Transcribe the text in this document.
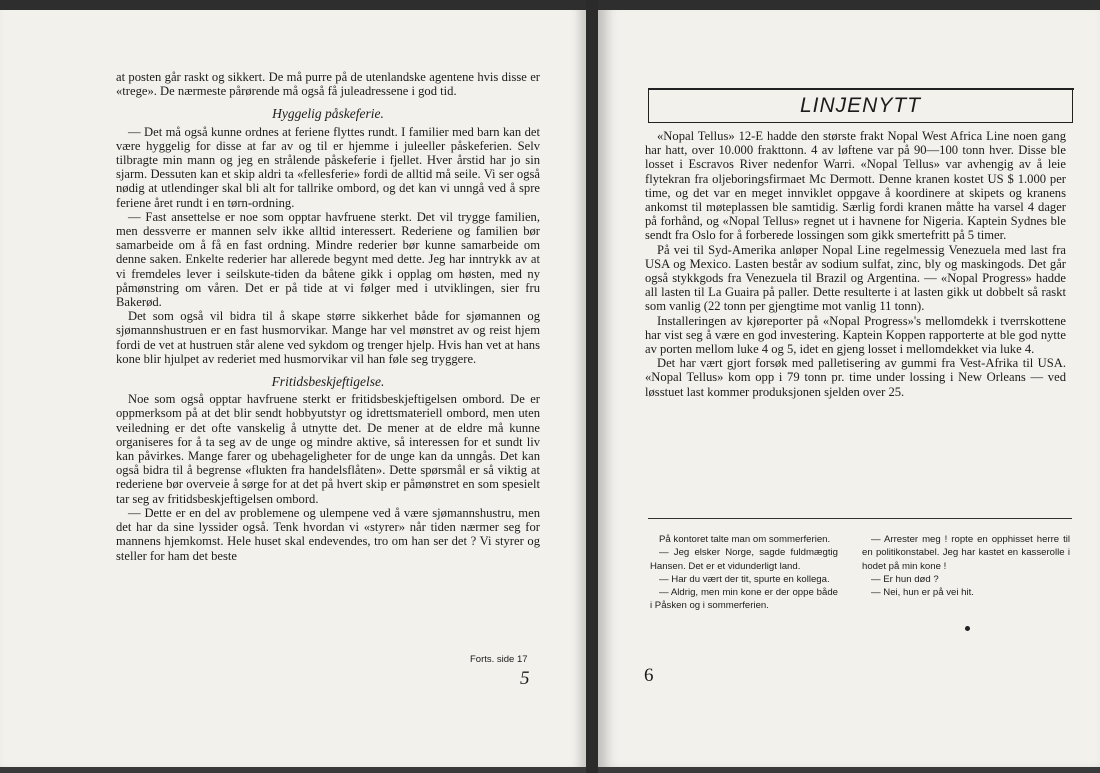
at posten går raskt og sikkert. De må purre på de utenlandske agentene hvis disse er «trege». De nærmeste pårørende må også få juleadressene i god tid.

Hyggelig påskeferie.

— Det må også kunne ordnes at feriene flyttes rundt. I familier med barn kan det være hyggelig for disse at far av og til er hjemme i juleeller påskeferien. Selv tilbragte min mann og jeg en strålende påskeferie i fjellet. Hver årstid har jo sin sjarm. Dessuten kan et skip aldri ta «fellesferie» fordi de alltid må seile. Vi ser også nødig at utlendinger skal bli alt for tallrike ombord, og det kan vi unngå ved å spre feriene året rundt i en tørn-ordning.

— Fast ansettelse er noe som opptar havfruene sterkt. Det vil trygge familien, men dessverre er mannen selv ikke alltid interessert. Rederiene og familien bør samarbeide om å få en fast ordning. Mindre rederier bør kunne samarbeide om denne saken. Enkelte rederier har allerede begynt med dette. Jeg har inntrykk av at vi fremdeles lever i seilskute-tiden da båtene gikk i opplag om høsten, med ny påmønstring om våren. Det er på tide at vi følger med i utviklingen, sier fru Bakerød.

Det som også vil bidra til å skape større sikkerhet både for sjømannen og sjømannshustruen er en fast husmorvikar. Mange har vel mønstret av og reist hjem fordi de vet at hustruen står alene ved sykdom og trenger hjelp. Hvis han vet at hans kone blir hjulpet av rederiet med husmorvikar vil han føle seg tryggere.

Fritidsbeskjeftigelse.

Noe som også opptar havfruene sterkt er fritidsbeskjeftigelsen ombord. De er oppmerksom på at det blir sendt hobbyutstyr og idrettsmateriell ombord, men uten veiledning er det ofte vanskelig å utnytte det. De mener at de eldre må kunne organiseres for å ta seg av de unge og mindre aktive, så interessen for et sundt liv kan påvirkes. Mange farer og ubehageligheter for de unge kan da unngås. Det kan også bidra til å begrense «flukten fra handelsflåten». Dette spørsmål er så viktig at rederiene bør overveie å sørge for at det på hvert skip er påmønstret en som spesielt tar seg av fritidsbeskjeftigelsen ombord.

— Dette er en del av problemene og ulempene ved å være sjømannshustru, men det har da sine lyssider også. Tenk hvordan vi «styrer» når tiden nærmer seg for mannens hjemkomst. Hele huset skal endevendes, tro om han ser det ? Vi styrer og steller for ham det beste

Forts. side 17
5
LINJENYTT

«Nopal Tellus» 12-E hadde den største frakt Nopal West Africa Line noen gang har hatt, over 10.000 frakttonn. 4 av løftene var på 90—100 tonn hver. Disse ble losset i Escravos River nedenfor Warri. «Nopal Tellus» var avhengig av å leie flytekran fra oljeboringsfirmaet Mc Dermott. Denne kranen kostet US $ 1.000 per time, og det var en meget innviklet oppgave å koordinere at skipets og kranens ankomst til møteplassen ble samtidig. Særlig fordi kranen måtte ha varsel 4 dager på forhånd, og «Nopal Tellus» regnet ut i havnene for Nigeria. Kaptein Sydnes ble sendt fra Oslo for å forberede lossingen som gikk smertefritt på 5 timer.

På vei til Syd-Amerika anløper Nopal Line regelmessig Venezuela med last fra USA og Mexico. Lasten består av sodium sulfat, zinc, bly og maskingods. Det går også stykkgods fra Venezuela til Brazil og Argentina. — «Nopal Progress» hadde all lasten til La Guaira på paller. Dette resulterte i at lasten gikk ut dobbelt så raskt som vanlig (22 tonn per gjengtime mot vanlig 11 tonn).

Installeringen av kjøreporter på «Nopal Progress»'s mellomdekk i tverrskottene har vist seg å være en god investering. Kaptein Koppen rapporterte at ble god nytte av porten mellom luke 4 og 5, idet en gjeng losset i mellomdekket via luke 4.

Det har vært gjort forsøk med palletisering av gummi fra Vest-Afrika til USA. «Nopal Tellus» kom opp i 79 tonn pr. time under lossing i New Orleans — ved løsstuet last kommer produksjonen sjelden over 25.

På kontoret talte man om sommerferien.

— Jeg elsker Norge, sagde fuldmægtig Hansen. Det er et vidunderligt land.

— Har du vært der tit, spurte en kollega.

— Aldrig, men min kone er der oppe både i Påsken og i sommerferien.

— Arrester meg ! ropte en opphisset herre til en politikonstabel. Jeg har kastet en kasserolle i hodet på min kone !

— Er hun død ?

— Nei, hun er på vei hit.

6
